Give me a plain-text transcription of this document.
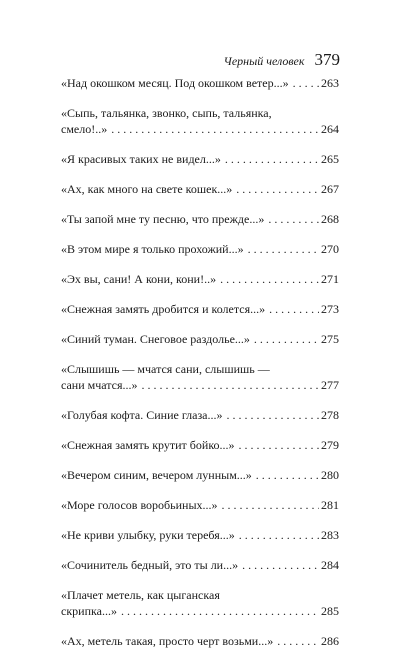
Черный человек 379
«Над окошком месяц. Под окошком ветер...» . . .	263
«Сыпь, тальянка, звонко, сыпь, тальянка,
смело!..» . . .	264
«Я красивых таких не видел...» . . .	265
«Ах, как много на свете кошек...» . . .	267
«Ты запой мне ту песню, что прежде...» . . .	268
«В этом мире я только прохожий...» . . .	270
«Эх вы, сани! А кони, кони!..» . . .	271
«Снежная замять дробится и колется...» . . .	273
«Синий туман. Снеговое раздолье...» . . .	275
«Слышишь — мчатся сани, слышишь —
сани мчатся...» . . .	277
«Голубая кофта. Синие глаза...» . . .	278
«Снежная замять крутит бойко...» . . .	279
«Вечером синим, вечером лунным...» . . .	280
«Море голосов воробьиных...» . . .	281
«Не криви улыбку, руки теребя...» . . .	283
«Сочинитель бедный, это ты ли...» . . .	284
«Плачет метель, как цыганская
скрипка...» . . .	285
«Ах, метель такая, просто черт возьми...» . . .	286
